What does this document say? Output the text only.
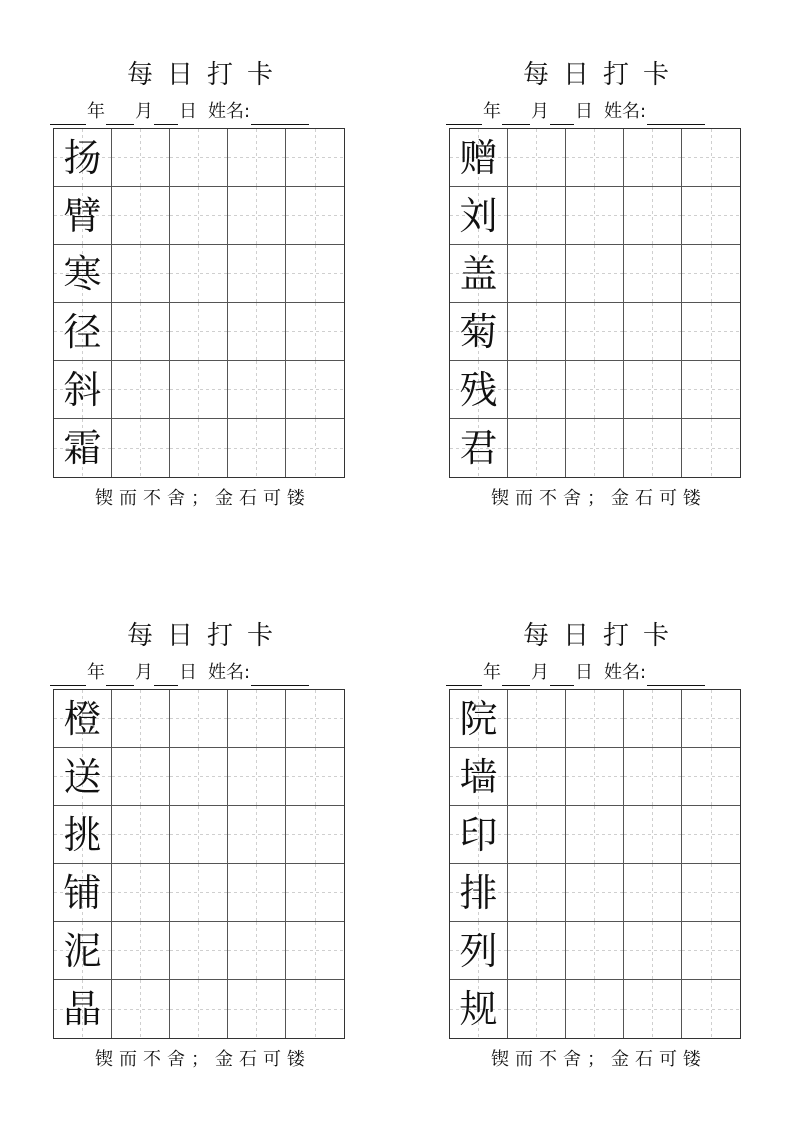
每日打卡
年 月 日 姓名:
扬
臂
寒
径
斜
霜
锲而不舍；金石可镂
每日打卡
年 月 日 姓名:
赠
刘
盖
菊
残
君
锲而不舍；金石可镂
每日打卡
年 月 日 姓名:
橙
送
挑
铺
泥
晶
锲而不舍；金石可镂
每日打卡
年 月 日 姓名:
院
墙
印
排
列
规
锲而不舍；金石可镂
